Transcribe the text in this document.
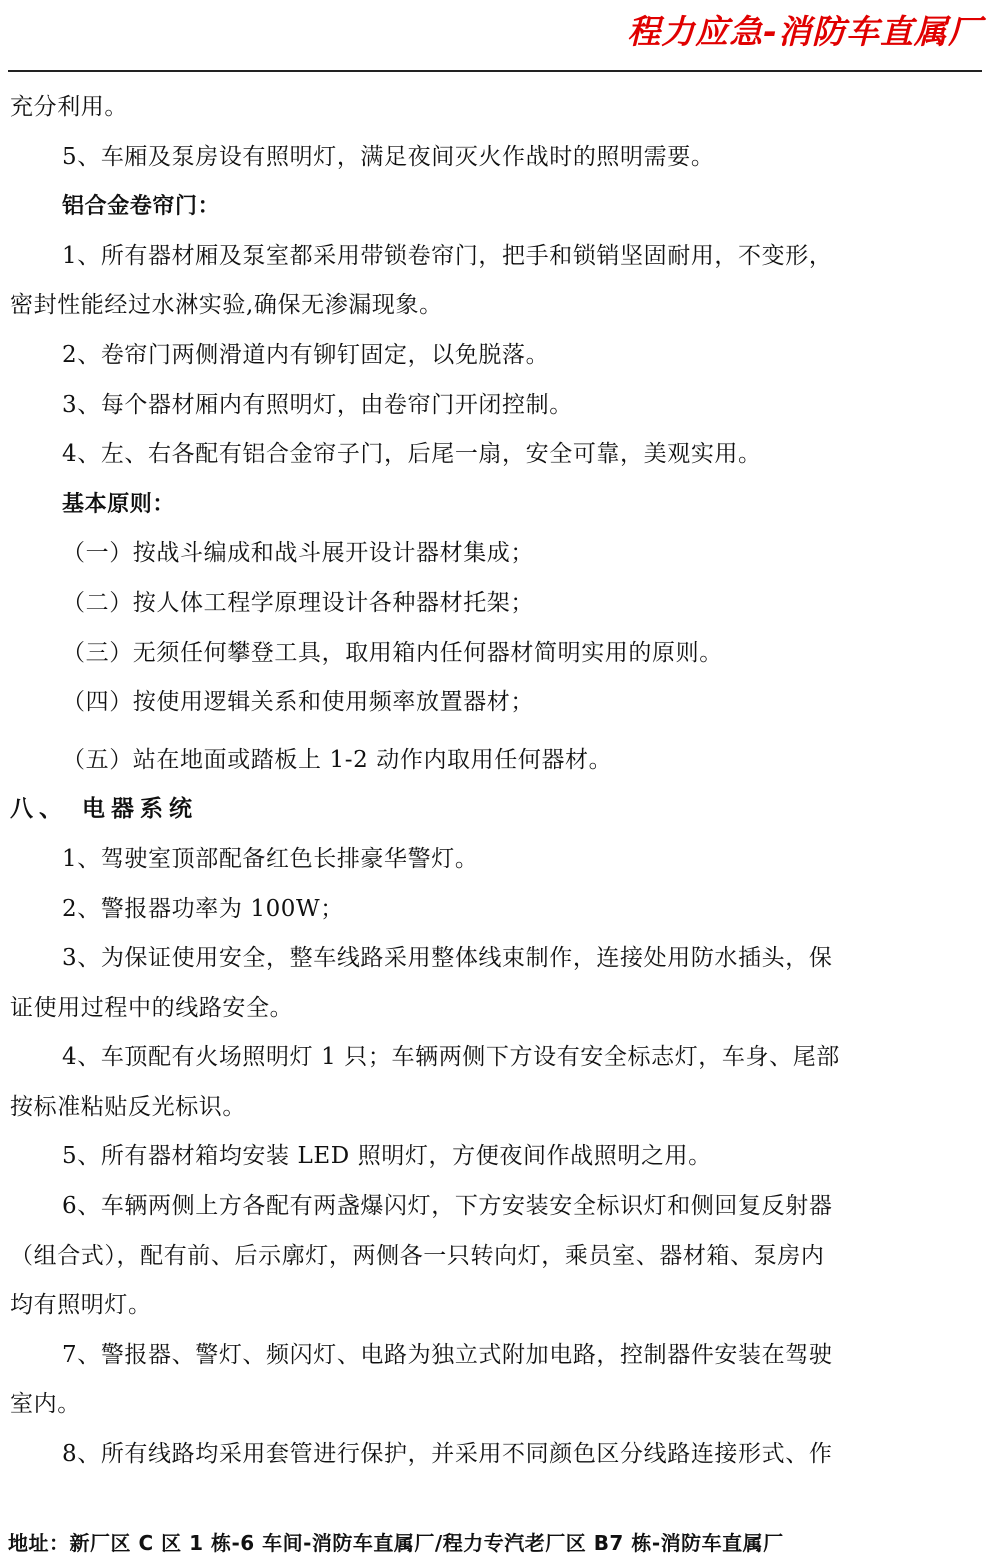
程力应急-消防车直属厂
充分利用。
5、车厢及泵房设有照明灯，满足夜间灭火作战时的照明需要。
铝合金卷帘门：
1、所有器材厢及泵室都采用带锁卷帘门，把手和锁销坚固耐用，不变形，
密封性能经过水淋实验,确保无渗漏现象。
2、卷帘门两侧滑道内有铆钉固定，以免脱落。
3、每个器材厢内有照明灯，由卷帘门开闭控制。
4、左、右各配有铝合金帘子门，后尾一扇，安全可靠，美观实用。
基本原则：
（一）按战斗编成和战斗展开设计器材集成；
（二）按人体工程学原理设计各种器材托架；
（三）无须任何攀登工具，取用箱内任何器材简明实用的原则。
（四）按使用逻辑关系和使用频率放置器材；
（五）站在地面或踏板上 1-2 动作内取用任何器材。
八、 电器系统
1、驾驶室顶部配备红色长排豪华警灯。
2、警报器功率为 100W；
3、为保证使用安全，整车线路采用整体线束制作，连接处用防水插头，保
证使用过程中的线路安全。
4、车顶配有火场照明灯 1 只；车辆两侧下方设有安全标志灯，车身、尾部
按标准粘贴反光标识。
5、所有器材箱均安装 LED 照明灯，方便夜间作战照明之用。
6、车辆两侧上方各配有两盏爆闪灯，下方安装安全标识灯和侧回复反射器
（组合式），配有前、后示廓灯，两侧各一只转向灯，乘员室、器材箱、泵房内
均有照明灯。
7、警报器、警灯、频闪灯、电路为独立式附加电路，控制器件安装在驾驶
室内。
8、所有线路均采用套管进行保护，并采用不同颜色区分线路连接形式、作
地址：新厂区 C 区 1 栋-6 车间-消防车直属厂/程力专汽老厂区 B7 栋-消防车直属厂
